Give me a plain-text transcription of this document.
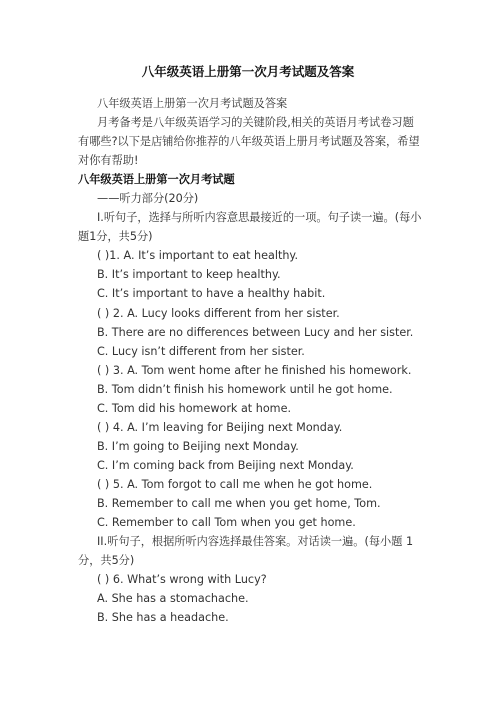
八年级英语上册第一次月考试题及答案

八年级英语上册第一次月考试题及答案

月考备考是八年级英语学习的关键阶段,相关的英语月考试卷习题有哪些?以下是店铺给你推荐的八年级英语上册月考试题及答案，希望对你有帮助!

八年级英语上册第一次月考试题

——听力部分(20分)

I.听句子，选择与所听内容意思最接近的一项。句子读一遍。(每小题1分，共5分)

( )1. A. It’s important to eat healthy.

B. It’s important to keep healthy.

C. It’s important to have a healthy habit.

( ) 2. A. Lucy looks different from her sister.

B. There are no differences between Lucy and her sister.

C. Lucy isn’t different from her sister.

( ) 3. A. Tom went home after he finished his homework.

B. Tom didn’t finish his homework until he got home.

C. Tom did his homework at home.

( ) 4. A. I’m leaving for Beijing next Monday.

B. I’m going to Beijing next Monday.

C. I’m coming back from Beijing next Monday.

( ) 5. A. Tom forgot to call me when he got home.

B. Remember to call me when you get home, Tom.

C. Remember to call Tom when you get home.

II.听句子，根据所听内容选择最佳答案。对话读一遍。(每小题 1分，共5分)

( ) 6. What’s wrong with Lucy?

A. She has a stomachache.

B. She has a headache.
